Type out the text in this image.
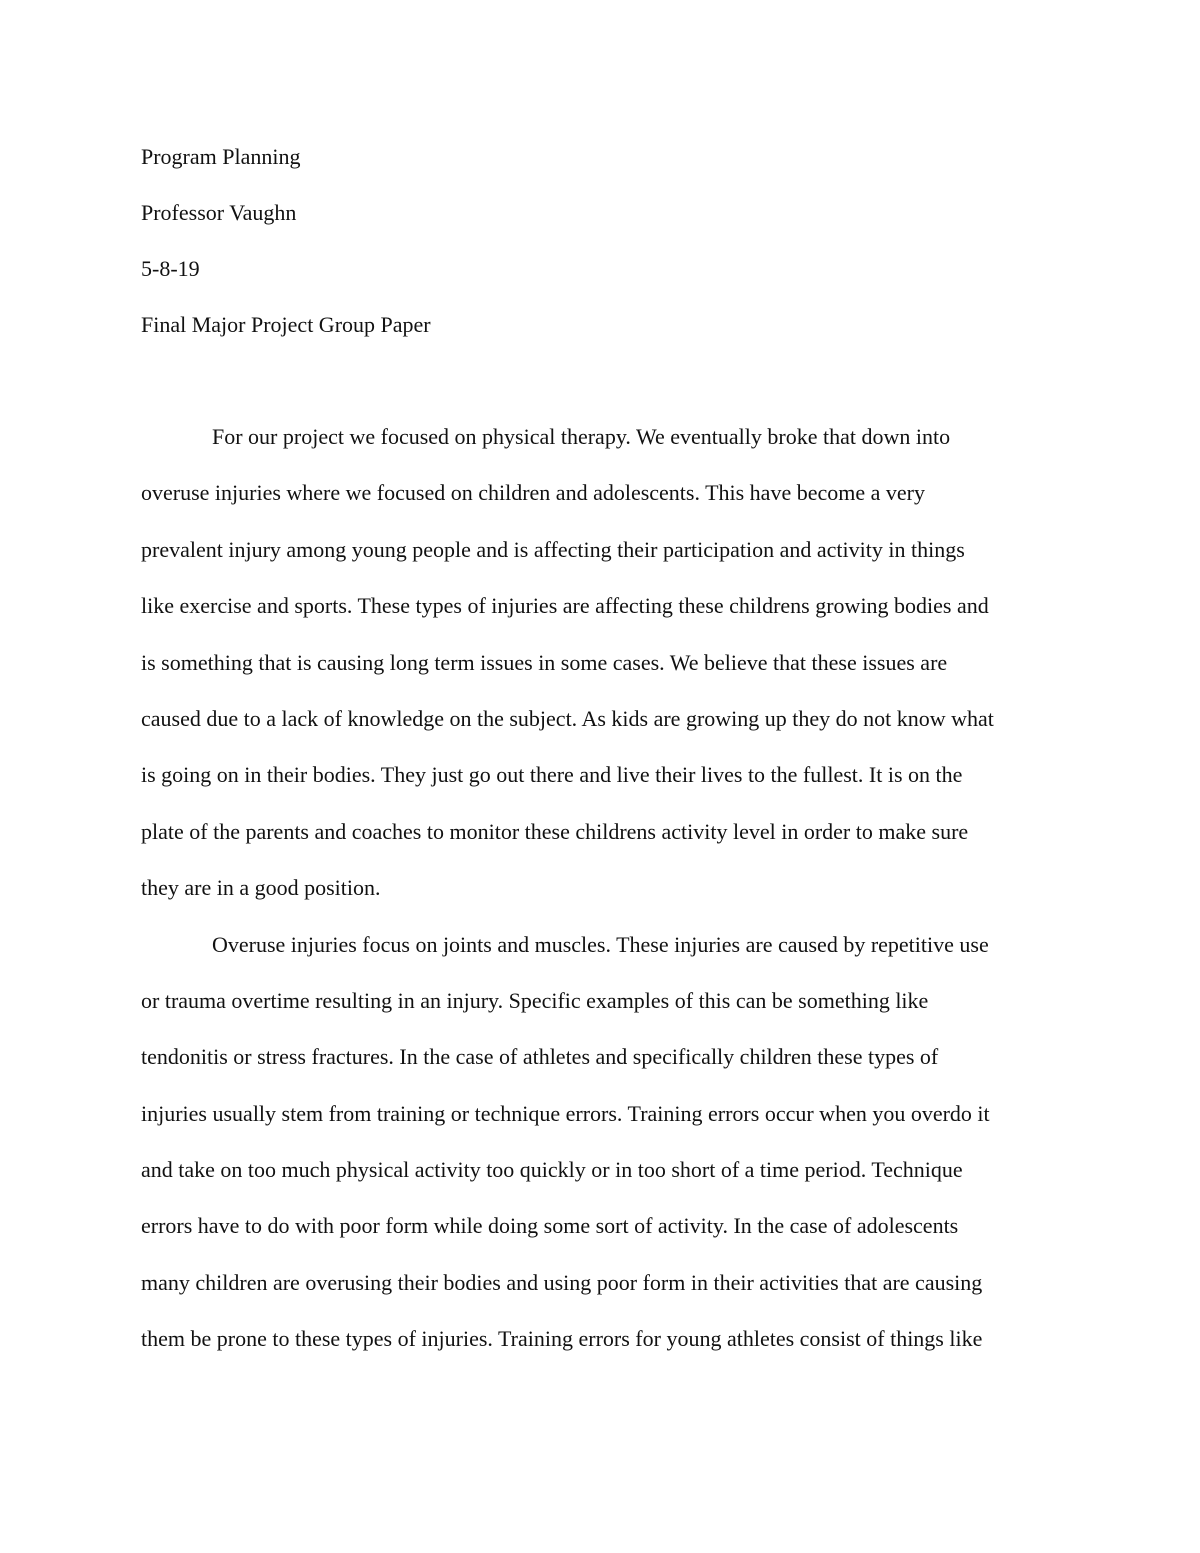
Program Planning
Professor Vaughn
5-8-19
Final Major Project Group Paper
For our project we focused on physical therapy. We eventually broke that down into
overuse injuries where we focused on children and adolescents. This have become a very
prevalent injury among young people and is affecting their participation and activity in things
like exercise and sports. These types of injuries are affecting these childrens growing bodies and
is something that is causing long term issues in some cases. We believe that these issues are
caused due to a lack of knowledge on the subject. As kids are growing up they do not know what
is going on in their bodies. They just go out there and live their lives to the fullest. It is on the
plate of the parents and coaches to monitor these childrens activity level in order to make sure
they are in a good position.
Overuse injuries focus on joints and muscles. These injuries are caused by repetitive use
or trauma overtime resulting in an injury. Specific examples of this can be something like
tendonitis or stress fractures. In the case of athletes and specifically children these types of
injuries usually stem from training or technique errors. Training errors occur when you overdo it
and take on too much physical activity too quickly or in too short of a time period. Technique
errors have to do with poor form while doing some sort of activity. In the case of adolescents
many children are overusing their bodies and using poor form in their activities that are causing
them be prone to these types of injuries. Training errors for young athletes consist of things like
